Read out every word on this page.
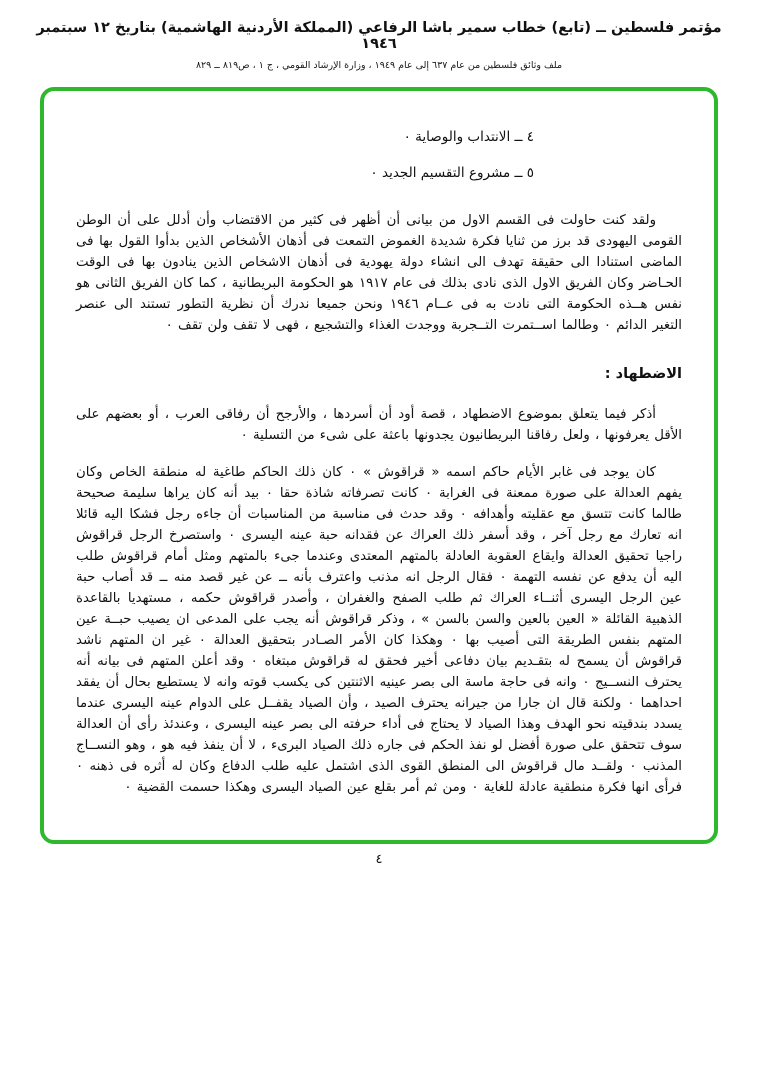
مؤتمر فلسطين ــ (تابع) خطاب سمير باشا الرفاعي (المملكة الأردنية الهاشمية) بتاريخ ١٢ سبتمبر ١٩٤٦
ملف وثائق فلسطين من عام ٦٣٧ إلى عام ١٩٤٩ ، وزارة الإرشاد القومي ، ج ١ ، ص٨١٩ ــ ٨٢٩
٤ ــ الانتداب والوصاية ٠
٥ ــ مشروع التقسيم الجديد ٠

ولقد كنت حاولت فى القسم الاول من بيانى أن أظهر فى كثير من الاقتضاب وأن أدلل على أن الوطن القومى اليهودى قد برز من ثنايا فكرة شديدة الغموض التمعت فى أذهان الأشخاص الذين بدأوا القول بها فى الماضى استنادا الى حقيقة تهدف الى انشاء دولة يهودية فى أذهان الاشخاص الذين ينادون بها فى الوقت الحـاضر وكان الفريق الاول الذى نادى بذلك فى عام ١٩١٧ هو الحكومة البريطانية ، كما كان الفريق الثانى هو نفس هــذه الحكومة التى نادت به فى عــام ١٩٤٦ ونحن جميعا ندرك أن نظرية التطور تستند الى عنصر التغير الدائم ٠ وطالما اســتمرت التــجربة ووجدت الغذاء والتشجيع ، فهى لا تقف ولن تقف ٠

الاضطهاد :

أذكر فيما يتعلق بموضوع الاضطهاد ، قصة أود أن أسردها ، والأرجح أن رفاقى العرب ، أو بعضهم على الأقل يعرفونها ، ولعل رفاقنا البريطانيون يجدونها باعثة على شىء من التسلية ٠

كان يوجد فى غابر الأيام حاكم اسمه « قراقوش » ٠ كان ذلك الحاكم طاغية له منطقة الخاص وكان يفهم العدالة على صورة ممعنة فى الغرابة ٠ كانت تصرفاته شاذة حقا ٠ بيد أنه كان يراها سليمة صحيحة طالما كانت تتسق مع عقليته وأهدافه ٠ وقد حدث فى مناسبة من المناسبات أن جاءه رجل فشكا اليه قائلا انه تعارك مع رجل آخر ، وقد أسفر ذلك العراك عن فقدانه حبة عينه اليسرى ٠ واستصرخ الرجل قراقوش راجيا تحقيق العدالة وايقاع العقوبة العادلة بالمتهم المعتدى وعندما جىء بالمتهم ومثل أمام قراقوش طلب اليه أن يدفع عن نفسه التهمة ٠ فقال الرجل انه مذنب واعترف بأنه ــ عن غير قصد منه ــ قد أصاب حبة عين الرجل اليسرى أثنــاء العراك ثم طلب الصفح والغفران ، وأصدر قراقوش حكمه ، مستهديا بالقاعدة الذهبية القائلة « العين بالعين والسن بالسن » ، وذكر قراقوش أنه يجب على المدعى ان يصيب حبــة عين المتهم بنفس الطريقة التى أصيب بها ٠ وهكذا كان الأمر الصـادر بتحقيق العدالة ٠ غير ان المتهم ناشد قراقوش أن يسمح له بتقـديم بيان دفاعى أخير فحقق له قراقوش مبتغاه ٠ وقد أعلن المتهم فى بيانه أنه يحترف النســيج ٠ وانه فى حاجة ماسة الى بصر عينيه الاثنتين كى يكسب قوته وانه لا يستطيع بحال أن يفقد احداهما ٠ ولكنة قال ان جارا من جيرانه يحترف الصيد ، وأن الصياد يقفــل على الدوام عينه اليسرى عندما يسدد بندقيته نحو الهدف وهذا الصياد لا يحتاج فى أداء حرفته الى بصر عينه اليسرى ، وعندئذ رأى أن العدالة سوف تتحقق على صورة أفضل لو نفذ الحكم فى جاره ذلك الصياد البرىء ، لا أن ينفذ فيه هو ، وهو النســاج المذنب ٠ ولقــد مال قراقوش الى المنطق القوى الذى اشتمل عليه طلب الدفاع وكان له أثره فى ذهنه ٠ فرأى انها فكرة منطقية عادلة للغاية ٠ ومن ثم أمر بقلع عين الصياد اليسرى وهكذا حسمت القضية ٠

٤
